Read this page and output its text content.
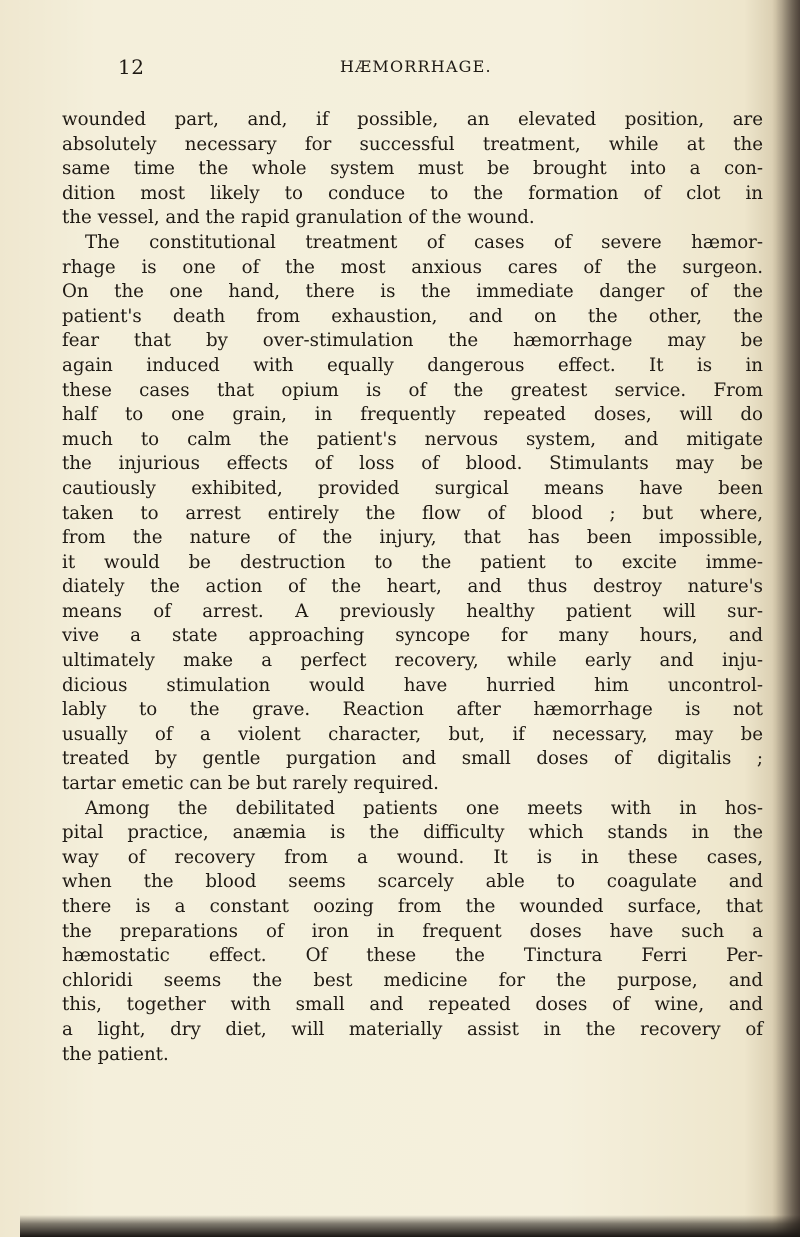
12	HÆMORRHAGE.
wounded part, and, if possible, an elevated position, are
absolutely necessary for successful treatment, while at the
same time the whole system must be brought into a con-
dition most likely to conduce to the formation of clot in
the vessel, and the rapid granulation of the wound.
The constitutional treatment of cases of severe hæmor-
rhage is one of the most anxious cares of the surgeon.
On the one hand, there is the immediate danger of the
patient's death from exhaustion, and on the other, the
fear that by over-stimulation the hæmorrhage may be
again induced with equally dangerous effect. It is in
these cases that opium is of the greatest service. From
half to one grain, in frequently repeated doses, will do
much to calm the patient's nervous system, and mitigate
the injurious effects of loss of blood. Stimulants may be
cautiously exhibited, provided surgical means have been
taken to arrest entirely the flow of blood ; but where,
from the nature of the injury, that has been impossible,
it would be destruction to the patient to excite imme-
diately the action of the heart, and thus destroy nature's
means of arrest. A previously healthy patient will sur-
vive a state approaching syncope for many hours, and
ultimately make a perfect recovery, while early and inju-
dicious stimulation would have hurried him uncontrol-
lably to the grave. Reaction after hæmorrhage is not
usually of a violent character, but, if necessary, may be
treated by gentle purgation and small doses of digitalis ;
tartar emetic can be but rarely required.
Among the debilitated patients one meets with in hos-
pital practice, anæmia is the difficulty which stands in the
way of recovery from a wound. It is in these cases,
when the blood seems scarcely able to coagulate and
there is a constant oozing from the wounded surface, that
the preparations of iron in frequent doses have such a
hæmostatic effect. Of these the Tinctura Ferri Per-
chloridi seems the best medicine for the purpose, and
this, together with small and repeated doses of wine, and
a light, dry diet, will materially assist in the recovery of
the patient.
